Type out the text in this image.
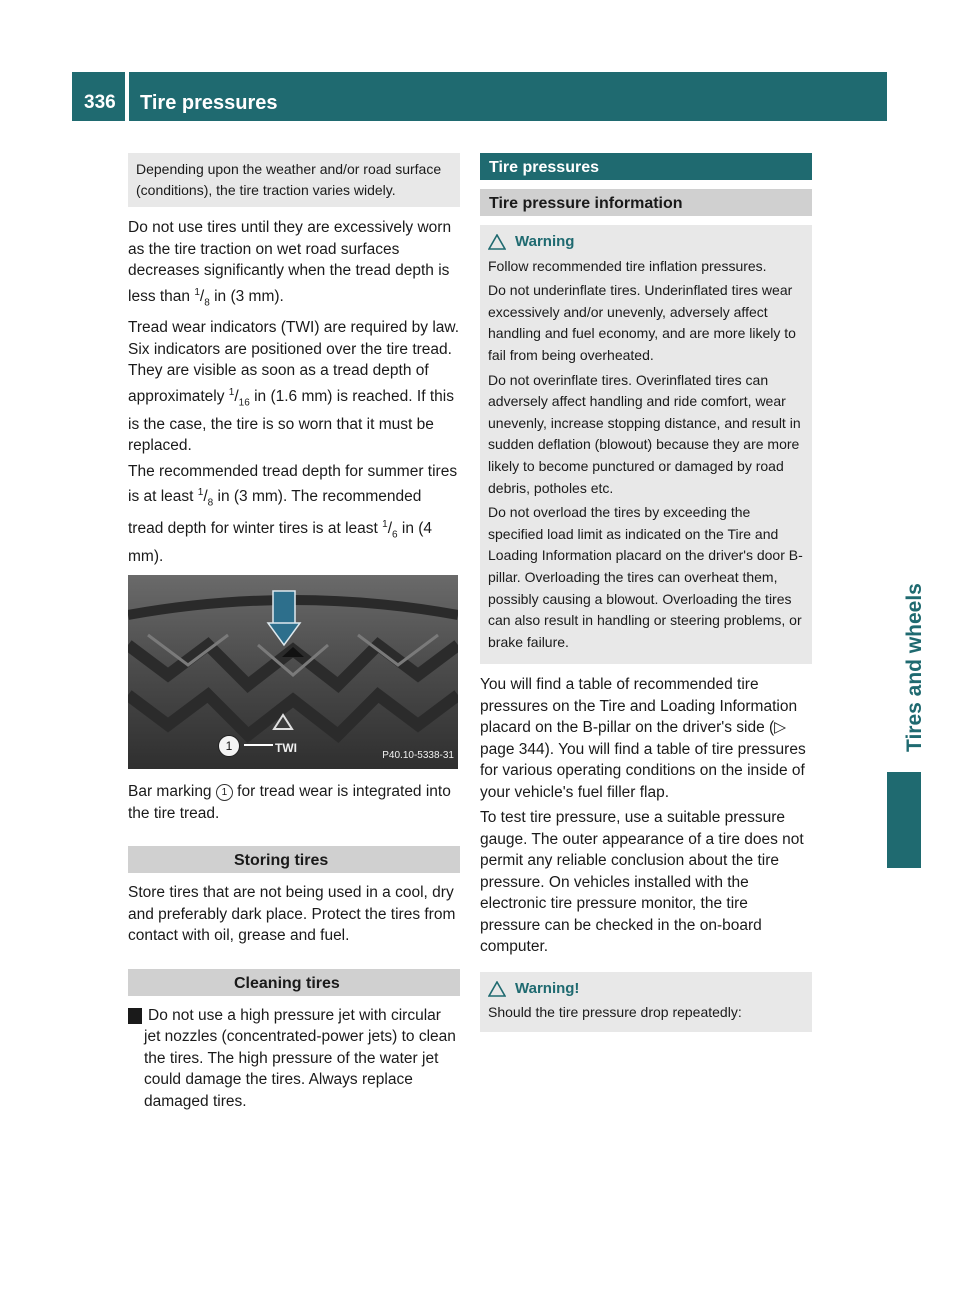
336	Tire pressures
Tires and wheels
Depending upon the weather and/or road surface (conditions), the tire traction varies widely.

Do not use tires until they are excessively worn as the tire traction on wet road surfaces decreases significantly when the tread depth is less than $^1/_8$ in (3 mm).

Tread wear indicators (TWI) are required by law. Six indicators are positioned over the tire tread. They are visible as soon as a tread depth of approximately $^1/_{16}$ in (1.6 mm) is reached. If this is the case, the tire is so worn that it must be replaced.

The recommended tread depth for summer tires is at least $^1/_8$ in (3 mm). The recommended tread depth for winter tires is at least $^1/_6$ in (4 mm).

1	TWI	P40.10-5338-31

Bar marking 1 for tread wear is integrated into the tire tread.

Storing tires

Store tires that are not being used in a cool, dry and preferably dark place. Protect the tires from contact with oil, grease and fuel.

Cleaning tires

! Do not use a high pressure jet with circular jet nozzles (concentrated-power jets) to clean the tires. The high pressure of the water jet could damage the tires. Always replace damaged tires.

Tire pressures
Tire pressure information
Warning

Follow recommended tire inflation pressures.

Do not underinflate tires. Underinflated tires wear excessively and/or unevenly, adversely affect handling and fuel economy, and are more likely to fail from being overheated.

Do not overinflate tires. Overinflated tires can adversely affect handling and ride comfort, wear unevenly, increase stopping distance, and result in sudden deflation (blowout) because they are more likely to become punctured or damaged by road debris, potholes etc.

Do not overload the tires by exceeding the specified load limit as indicated on the Tire and Loading Information placard on the driver's door B-pillar. Overloading the tires can overheat them, possibly causing a blowout. Overloading the tires can also result in handling or steering problems, or brake failure.

You will find a table of recommended tire pressures on the Tire and Loading Information placard on the B-pillar on the driver's side (▷ page 344). You will find a table of tire pressures for various operating conditions on the inside of your vehicle's fuel filler flap.

To test tire pressure, use a suitable pressure gauge. The outer appearance of a tire does not permit any reliable conclusion about the tire pressure. On vehicles installed with the electronic tire pressure monitor, the tire pressure can be checked in the on-board computer.

Warning!

Should the tire pressure drop repeatedly:
